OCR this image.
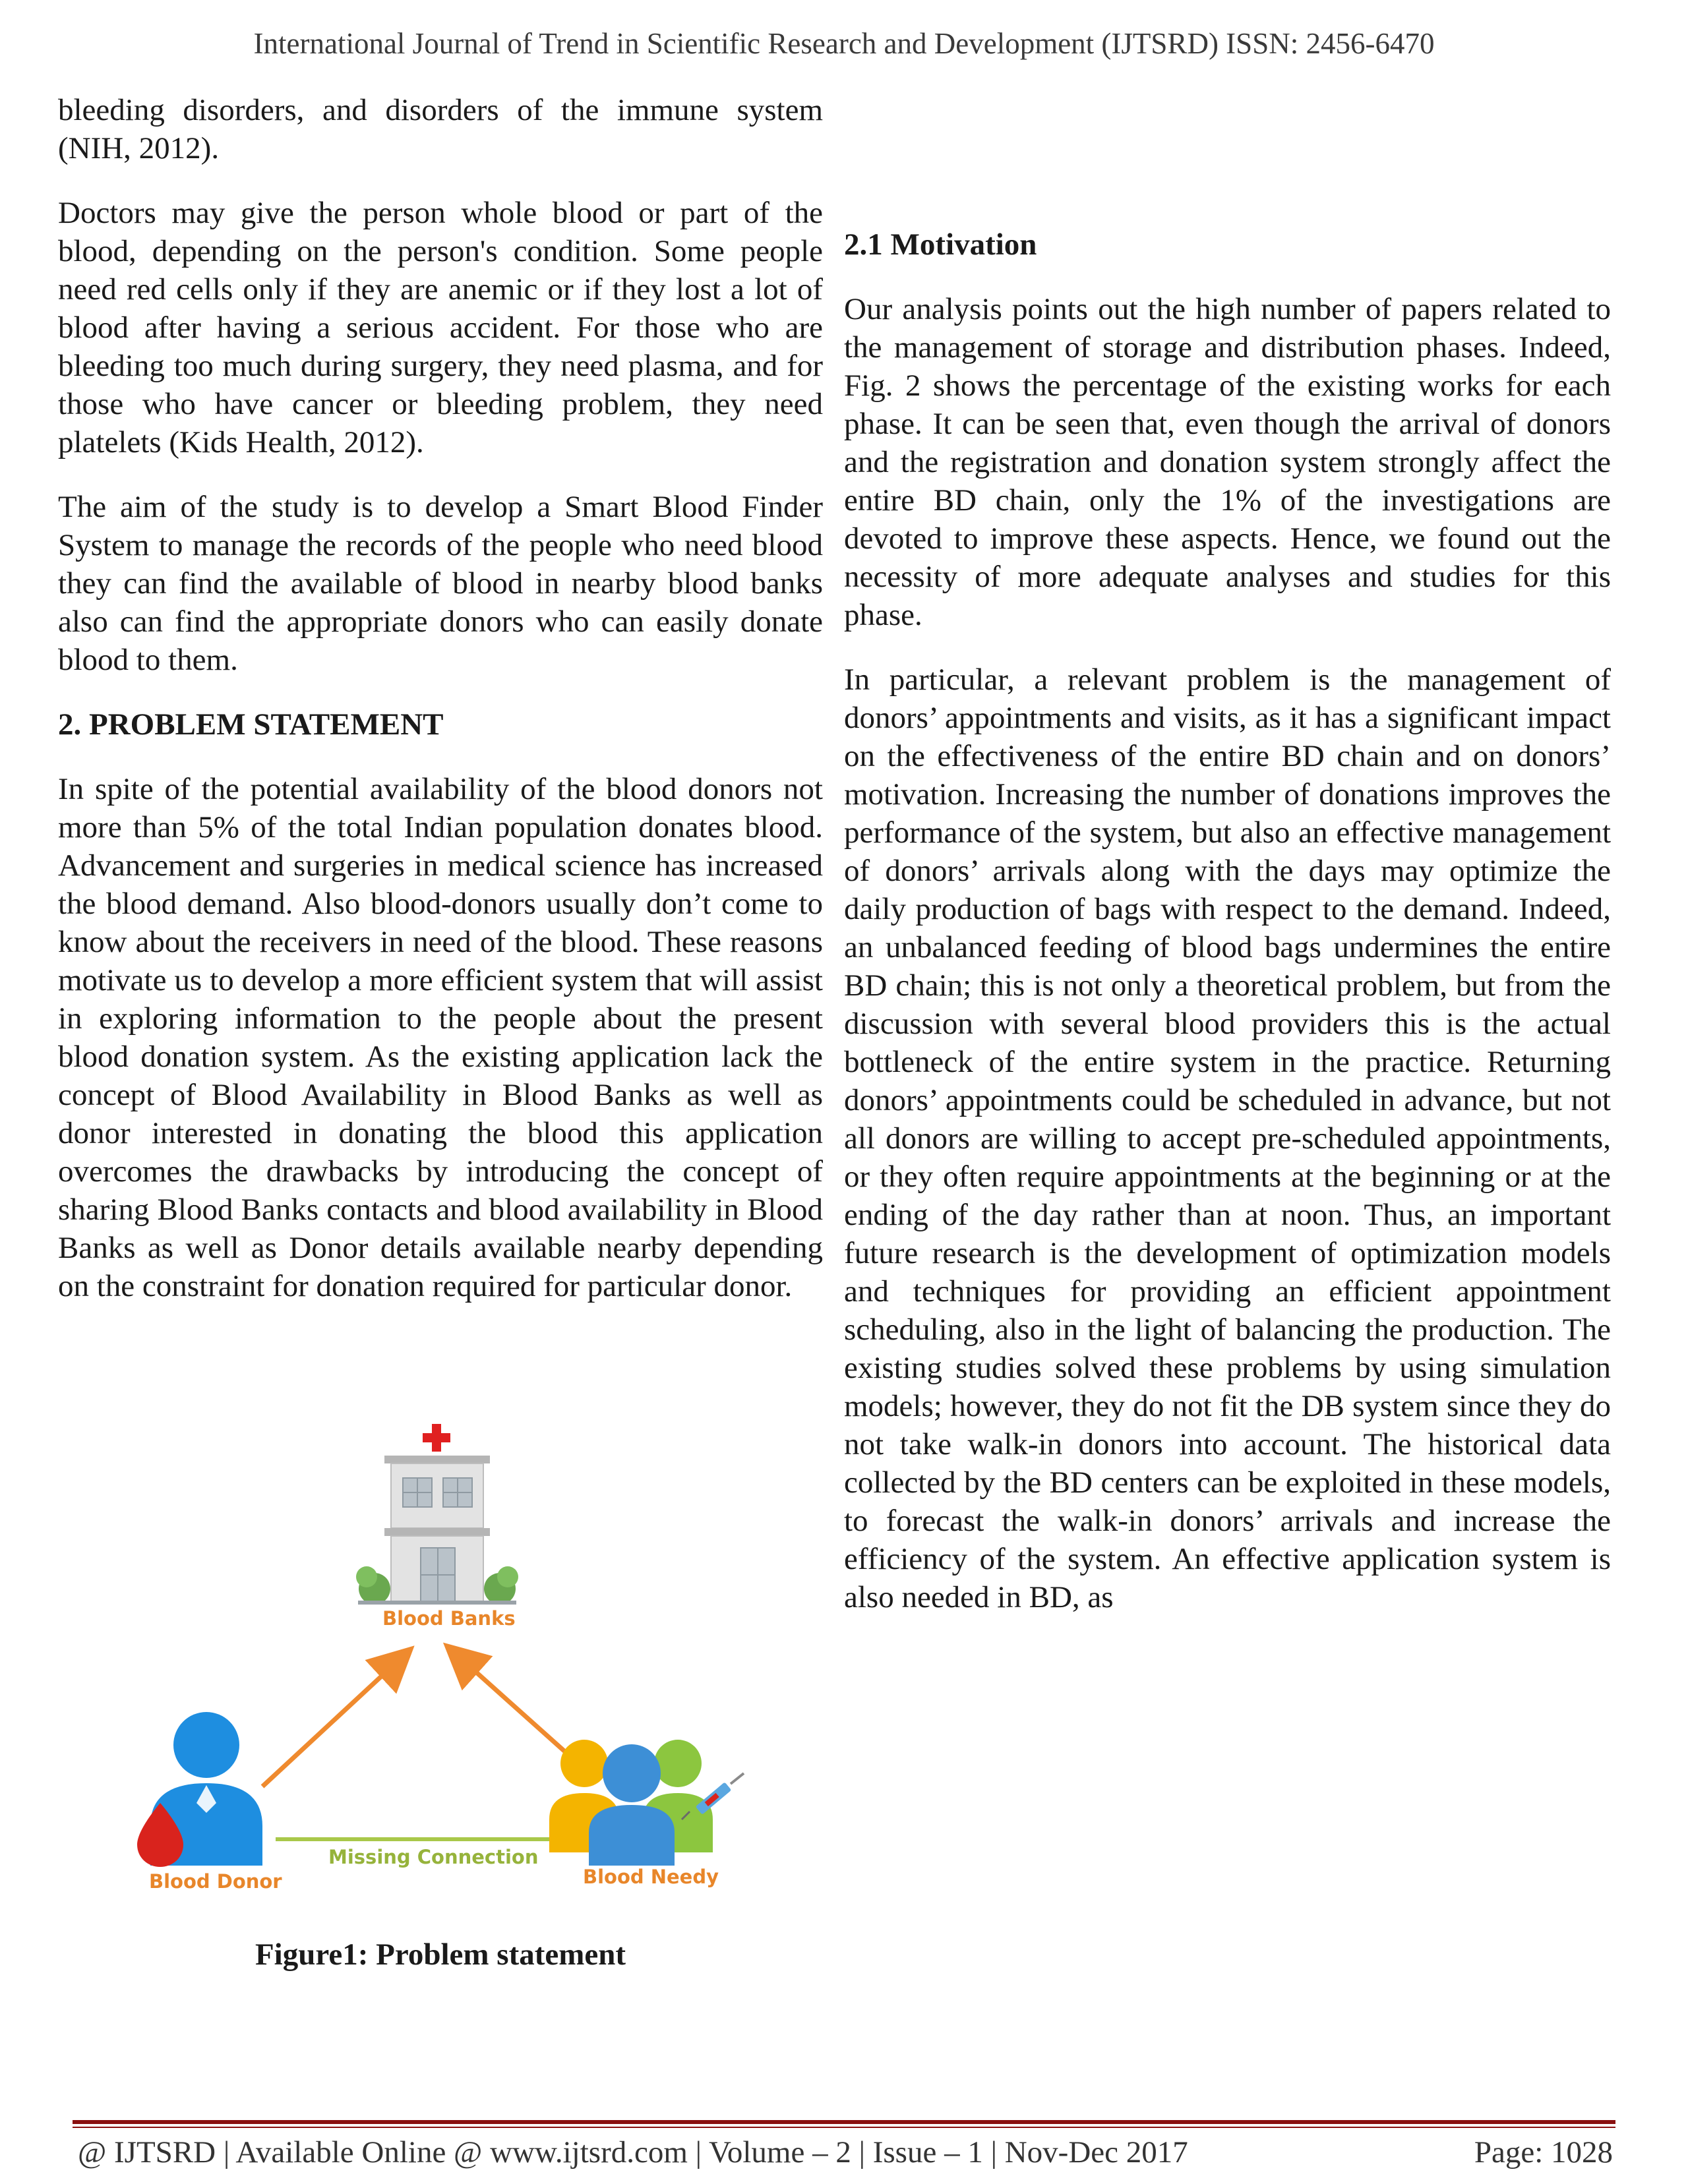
International Journal of Trend in Scientific Research and Development (IJTSRD) ISSN: 2456-6470

bleeding disorders, and disorders of the immune system (NIH, 2012).

Doctors may give the person whole blood or part of the blood, depending on the person's condition. Some people need red cells only if they are anemic or if they lost a lot of blood after having a serious accident. For those who are bleeding too much during surgery, they need plasma, and for those who have cancer or bleeding problem, they need platelets (Kids Health, 2012).

The aim of the study is to develop a Smart Blood Finder System to manage the records of the people who need blood they can find the available of blood in nearby blood banks also can find the appropriate donors who can easily donate blood to them.

2. PROBLEM STATEMENT

In spite of the potential availability of the blood donors not more than 5% of the total Indian population donates blood. Advancement and surgeries in medical science has increased the blood demand. Also blood-donors usually don’t come to know about the receivers in need of the blood. These reasons motivate us to develop a more efficient system that will assist in exploring information to the people about the present blood donation system. As the existing application lack the concept of Blood Availability in Blood Banks as well as donor interested in donating the blood this application overcomes the drawbacks by introducing the concept of sharing Blood Banks contacts and blood availability in Blood Banks as well as Donor details available nearby depending on the constraint for donation required for particular donor.

Blood Banks
Blood Donor
Missing Connection
Blood Needy
Figure1: Problem statement
2.1 Motivation

Our analysis points out the high number of papers related to the management of storage and distribution phases. Indeed, Fig. 2 shows the percentage of the existing works for each phase. It can be seen that, even though the arrival of donors and the registration and donation system strongly affect the entire BD chain, only the 1% of the investigations are devoted to improve these aspects. Hence, we found out the necessity of more adequate analyses and studies for this phase.

In particular, a relevant problem is the management of donors’ appointments and visits, as it has a significant impact on the effectiveness of the entire BD chain and on donors’ motivation. Increasing the number of donations improves the performance of the system, but also an effective management of donors’ arrivals along with the days may optimize the daily production of bags with respect to the demand. Indeed, an unbalanced feeding of blood bags undermines the entire BD chain; this is not only a theoretical problem, but from the discussion with several blood providers this is the actual bottleneck of the entire system in the practice. Returning donors’ appointments could be scheduled in advance, but not all donors are willing to accept pre-scheduled appointments, or they often require appointments at the beginning or at the ending of the day rather than at noon. Thus, an important future research is the development of optimization models and techniques for providing an efficient appointment scheduling, also in the light of balancing the production. The existing studies solved these problems by using simulation models; however, they do not fit the DB system since they do not take walk-in donors into account. The historical data collected by the BD centers can be exploited in these models, to forecast the walk-in donors’ arrivals and increase the efficiency of the system. An effective application system is also needed in BD, as

@ IJTSRD | Available Online @ www.ijtsrd.com | Volume – 2 | Issue – 1 | Nov-Dec 2017	Page: 1028
